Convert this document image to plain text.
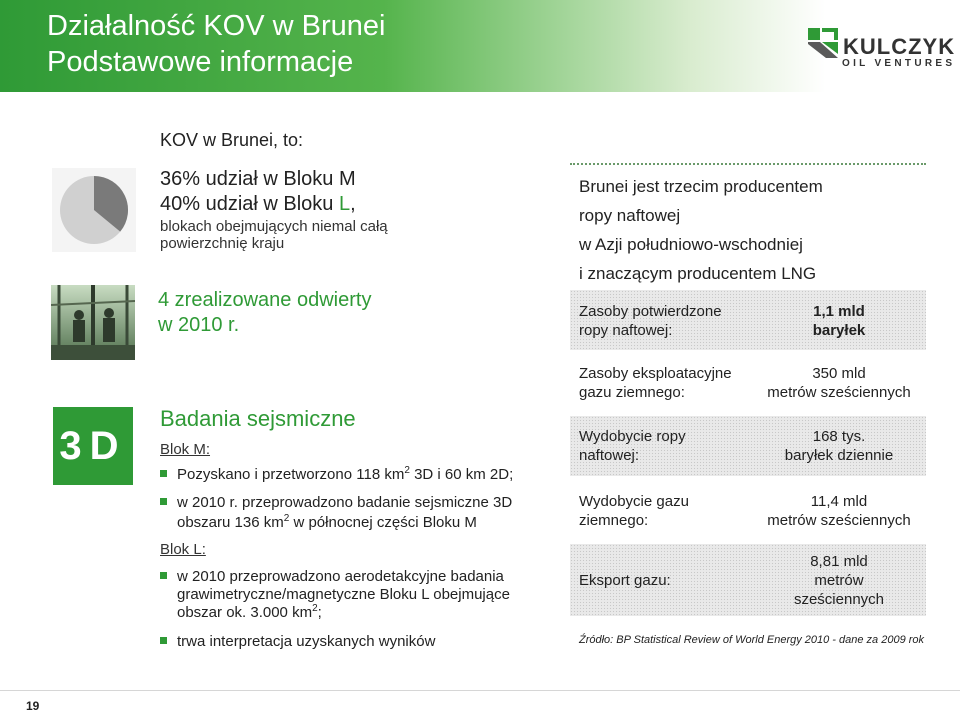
Działalność KOV w Brunei
Podstawowe informacje	KULCZYK
OIL VENTURES
KOV w Brunei, to:
36% udział w Bloku M
40% udział w Bloku L,
blokach obejmujących niemal całą powierzchnię kraju
4 zrealizowane odwierty
w 2010 r.
3D
Badania sejsmiczne
Blok M:
Pozyskano i przetworzono 118 $km^2$ 3D i 60 km 2D;
w 2010 r. przeprowadzono badanie sejsmiczne 3D
obszaru 136 $km^2$ w północnej części Bloku M
Blok L:
w 2010 przeprowadzono aerodetakcyjne badania
grawimetryczne/magnetyczne Bloku L obejmujące
obszar ok. 3.000 $km^2$;
trwa interpretacja uzyskanych wyników
Brunei jest trzecim producentem
ropy naftowej
w Azji południowo-wschodniej
i znaczącym producentem LNG
Zasoby potwierdzone
ropy naftowej:
1,1 mld
baryłek
Zasoby eksploatacyjne
gazu ziemnego:
350 mld
metrów sześciennych
Wydobycie ropy
naftowej:
168 tys.
baryłek dziennie
Wydobycie gazu
ziemnego:
11,4 mld
metrów sześciennych
Eksport gazu:
8,81 mld
metrów
sześciennych
Źródło: BP Statistical Review of World Energy 2010 - dane za 2009 rok
19
